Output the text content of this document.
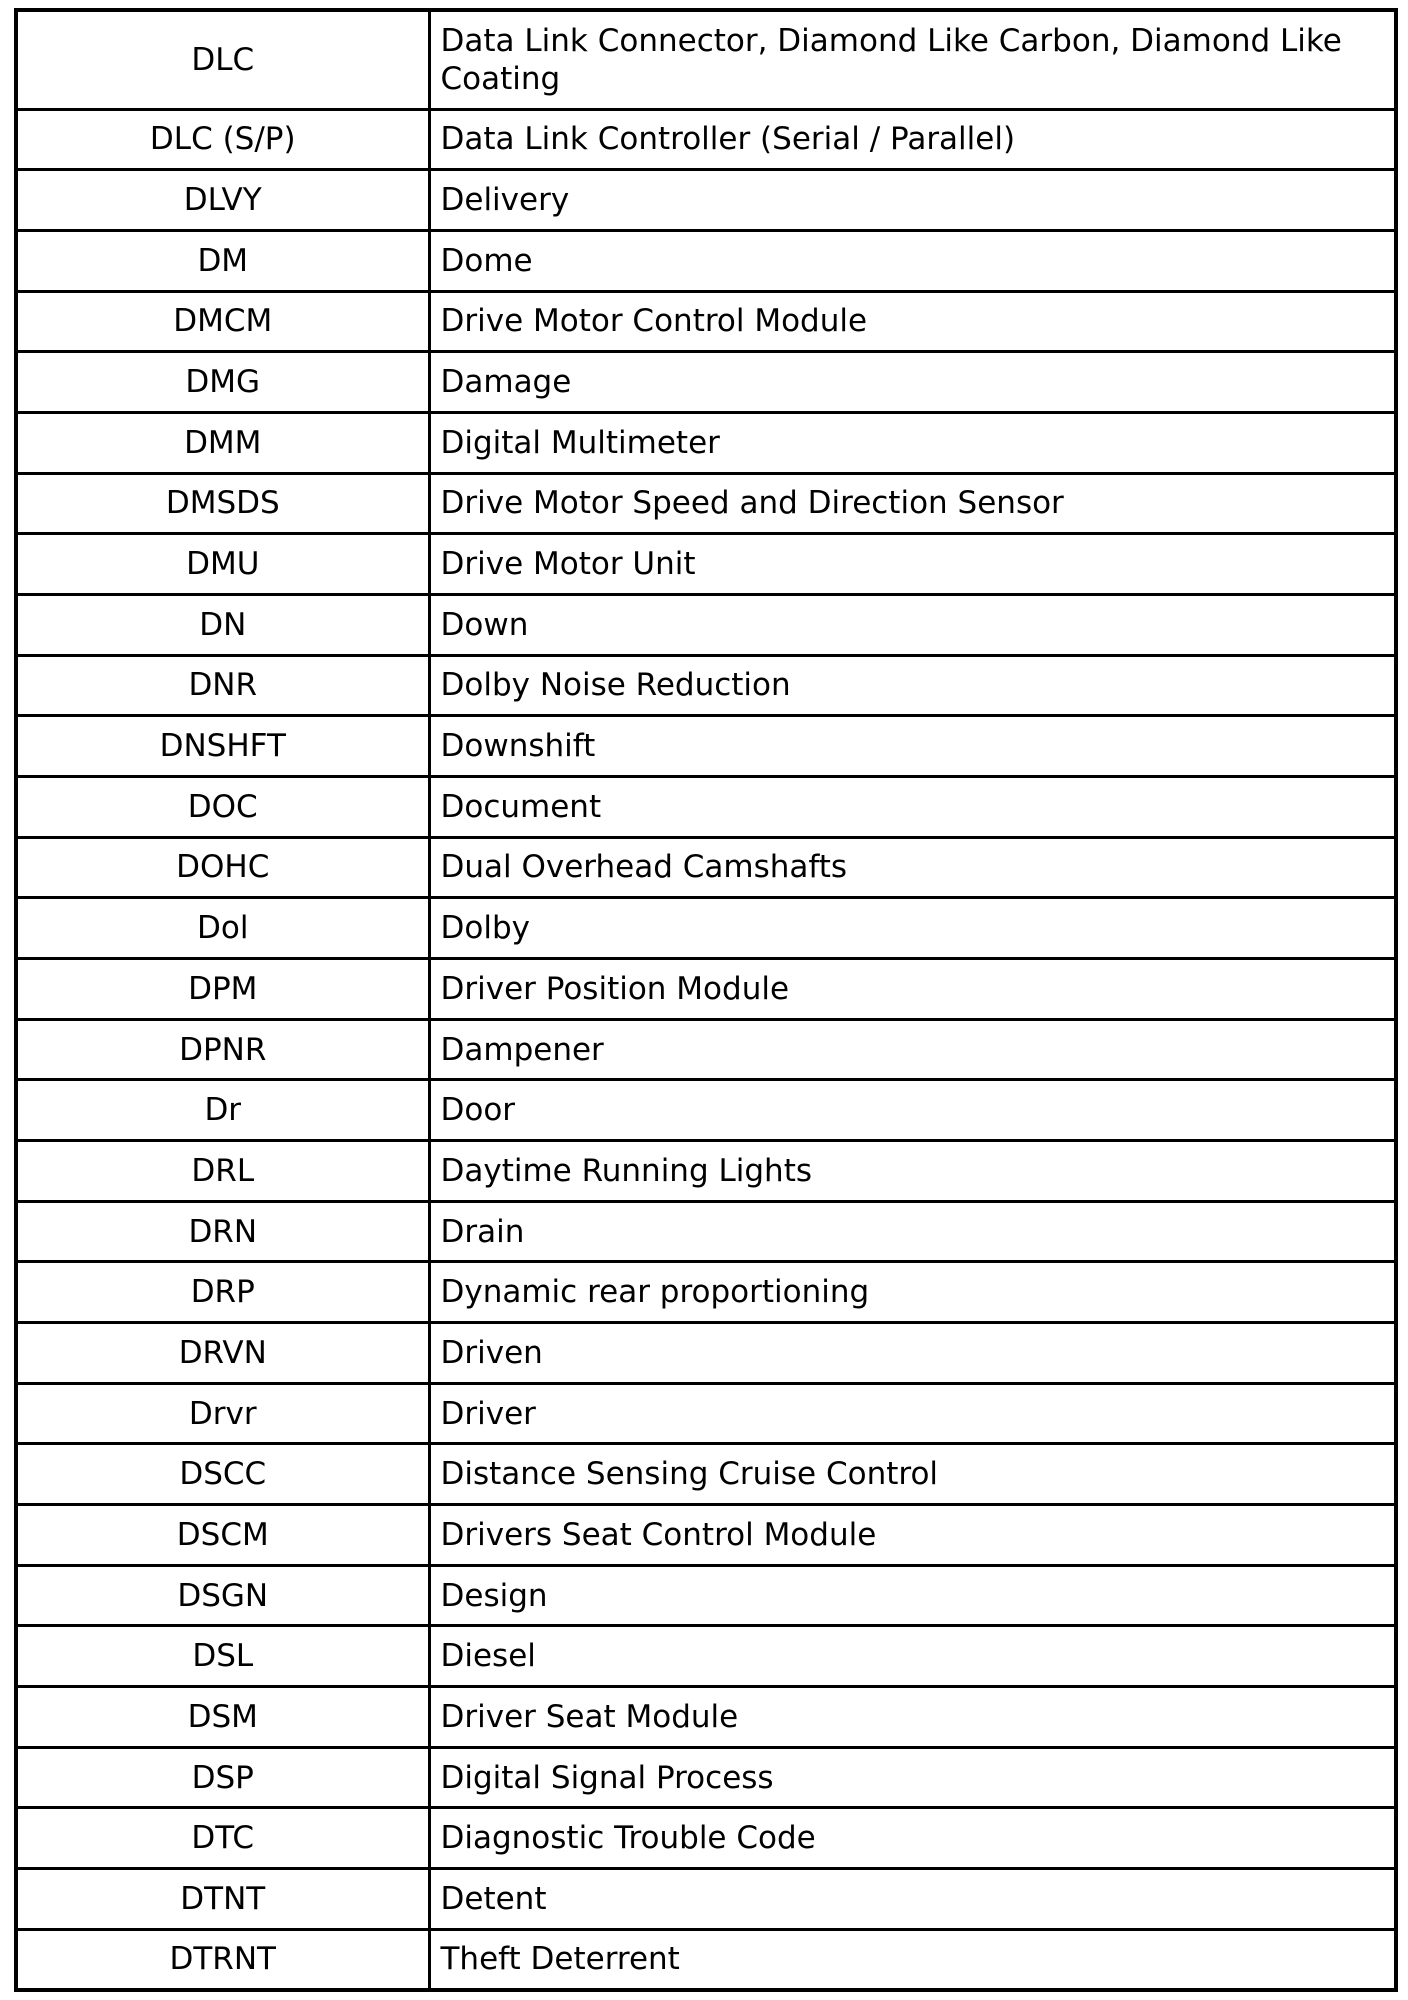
DLC	Data Link Connector, Diamond Like Carbon, Diamond Like Coating
DLC (S/P)	Data Link Controller (Serial / Parallel)
DLVY	Delivery
DM	Dome
DMCM	Drive Motor Control Module
DMG	Damage
DMM	Digital Multimeter
DMSDS	Drive Motor Speed and Direction Sensor
DMU	Drive Motor Unit
DN	Down
DNR	Dolby Noise Reduction
DNSHFT	Downshift
DOC	Document
DOHC	Dual Overhead Camshafts
Dol	Dolby
DPM	Driver Position Module
DPNR	Dampener
Dr	Door
DRL	Daytime Running Lights
DRN	Drain
DRP	Dynamic rear proportioning
DRVN	Driven
Drvr	Driver
DSCC	Distance Sensing Cruise Control
DSCM	Drivers Seat Control Module
DSGN	Design
DSL	Diesel
DSM	Driver Seat Module
DSP	Digital Signal Process
DTC	Diagnostic Trouble Code
DTNT	Detent
DTRNT	Theft Deterrent
